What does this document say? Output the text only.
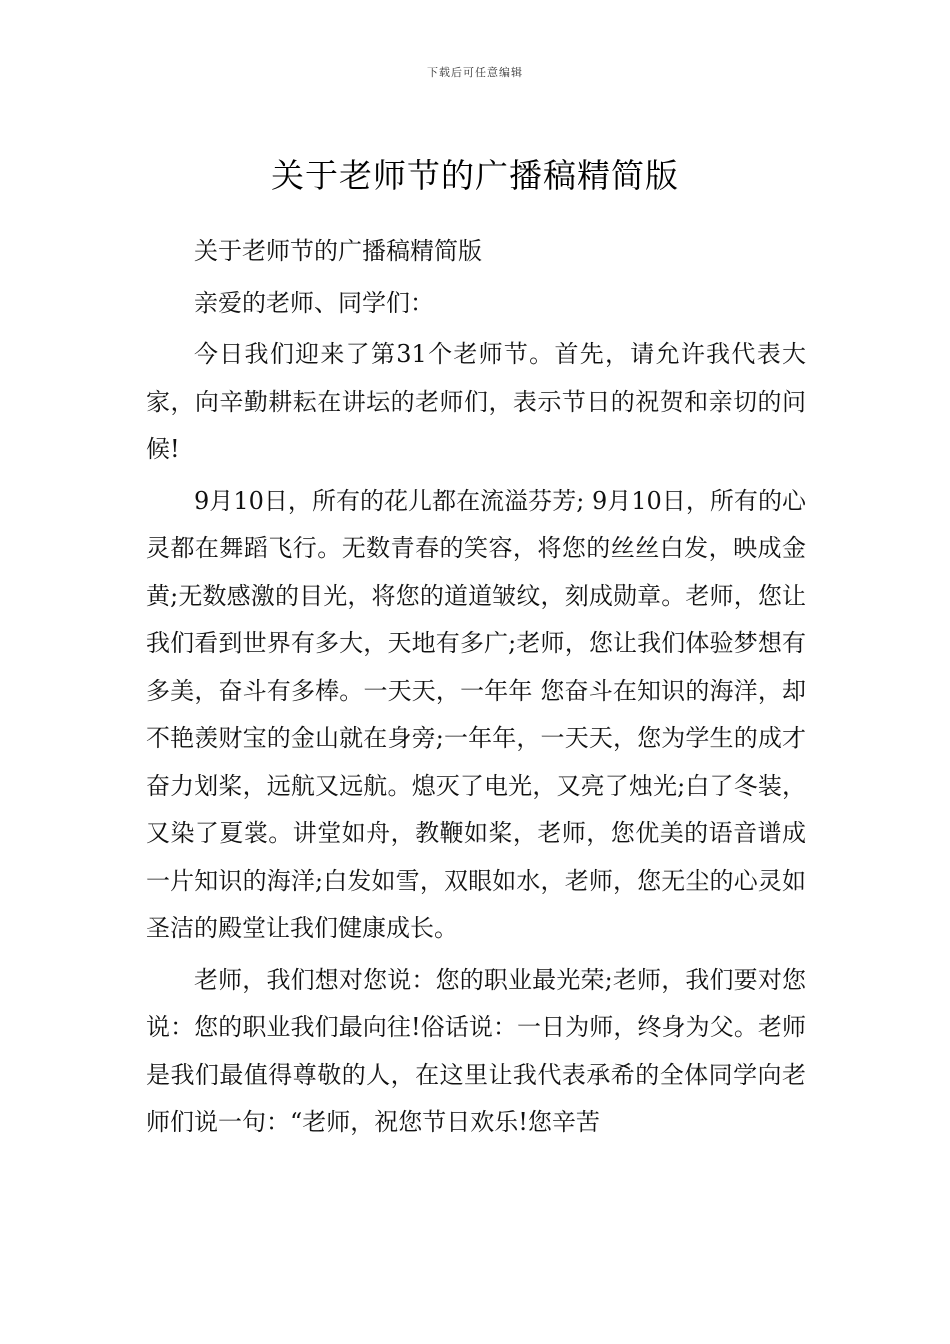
下载后可任意编辑
关于老师节的广播稿精简版

关于老师节的广播稿精简版

亲爱的老师、同学们：

今日我们迎来了第31个老师节。首先，请允许我代表大家，向辛勤耕耘在讲坛的老师们，表示节日的祝贺和亲切的问候!

9月10日，所有的花儿都在流溢芬芳; 9月10日，所有的心灵都在舞蹈飞行。无数青春的笑容，将您的丝丝白发，映成金黄;无数感激的目光，将您的道道皱纹，刻成勋章。老师，您让我们看到世界有多大，天地有多广;老师，您让我们体验梦想有多美，奋斗有多棒。一天天，一年年 您奋斗在知识的海洋，却不艳羡财宝的金山就在身旁;一年年，一天天，您为学生的成才奋力划桨，远航又远航。熄灭了电光，又亮了烛光;白了冬装，又染了夏裳。讲堂如舟，教鞭如桨，老师，您优美的语音谱成一片知识的海洋;白发如雪，双眼如水，老师，您无尘的心灵如圣洁的殿堂让我们健康成长。

老师，我们想对您说：您的职业最光荣;老师，我们要对您说：您的职业我们最向往!俗话说：一日为师，终身为父。老师是我们最值得尊敬的人，在这里让我代表承希的全体同学向老师们说一句：“老师，祝您节日欢乐!您辛苦
